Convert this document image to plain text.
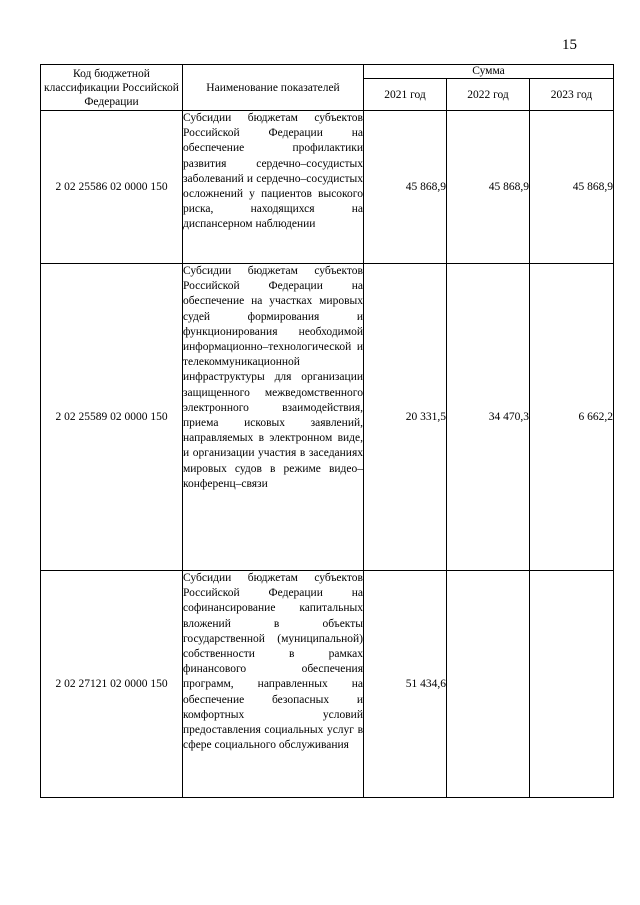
15
Код бюджетной классификации Российской Федерации	Наименование показателей	Сумма		
		2021 год	2022 год	2023 год
2 02 25586 02 0000 150	Субсидии бюджетам субъектов Российской Федерации на обеспечение профилактики развития сердечно–сосудистых заболеваний и сердечно–сосудистых осложнений у пациентов высокого риска, находящихся на диспансерном наблюдении	45 868,9	45 868,9	45 868,9
2 02 25589 02 0000 150	Субсидии бюджетам субъектов Российской Федерации на обеспечение на участках мировых судей формирования и функционирования необходимой информационно–технологической и телекоммуникационной инфраструктуры для организации защищенного межведомственного электронного взаимодействия, приема исковых заявлений, направляемых в электронном виде, и организации участия в заседаниях мировых судов в режиме видео–конференц–связи	20 331,5	34 470,3	6 662,2
2 02 27121 02 0000 150	Субсидии бюджетам субъектов Российской Федерации на софинансирование капитальных вложений в объекты государственной (муниципальной) собственности в рамках финансового обеспечения программ, направленных на обеспечение безопасных и комфортных условий предоставления социальных услуг в сфере социального обслуживания	51 434,6		
